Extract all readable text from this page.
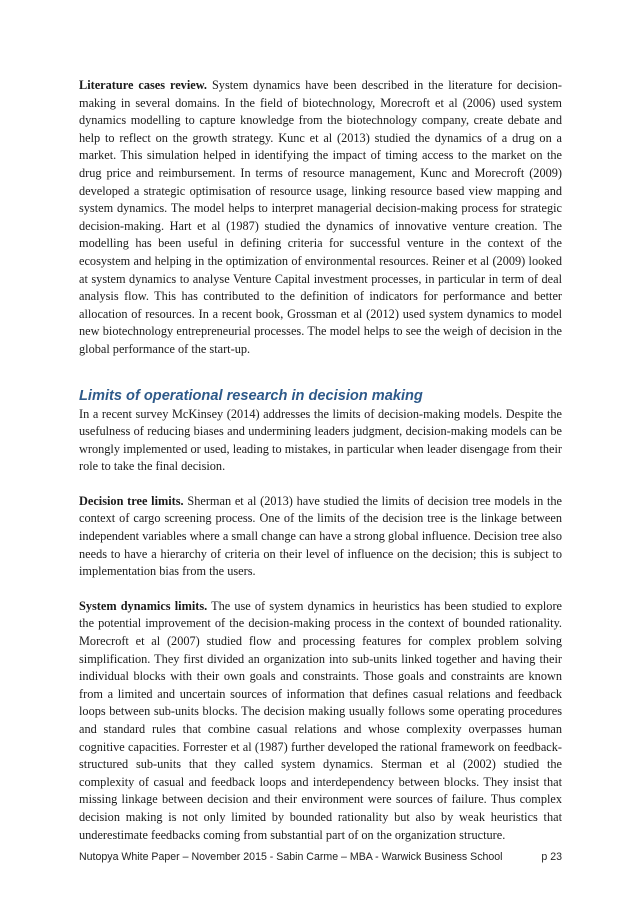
Literature cases review. System dynamics have been described in the literature for decision-making in several domains. In the field of biotechnology, Morecroft et al (2006) used system dynamics modelling to capture knowledge from the biotechnology company, create debate and help to reflect on the growth strategy. Kunc et al (2013) studied the dynamics of a drug on a market. This simulation helped in identifying the impact of timing access to the market on the drug price and reimbursement. In terms of resource management, Kunc and Morecroft (2009) developed a strategic optimisation of resource usage, linking resource based view mapping and system dynamics. The model helps to interpret managerial decision-making process for strategic decision-making. Hart et al (1987) studied the dynamics of innovative venture creation. The modelling has been useful in defining criteria for successful venture in the context of the ecosystem and helping in the optimization of environmental resources. Reiner et al (2009) looked at system dynamics to analyse Venture Capital investment processes, in particular in term of deal analysis flow. This has contributed to the definition of indicators for performance and better allocation of resources. In a recent book, Grossman et al (2012) used system dynamics to model new biotechnology entrepreneurial processes. The model helps to see the weigh of decision in the global performance of the start-up.

Limits of operational research in decision making

In a recent survey McKinsey (2014) addresses the limits of decision-making models. Despite the usefulness of reducing biases and undermining leaders judgment, decision-making models can be wrongly implemented or used, leading to mistakes, in particular when leader disengage from their role to take the final decision.

Decision tree limits. Sherman et al (2013) have studied the limits of decision tree models in the context of cargo screening process. One of the limits of the decision tree is the linkage between independent variables where a small change can have a strong global influence. Decision tree also needs to have a hierarchy of criteria on their level of influence on the decision; this is subject to implementation bias from the users.

System dynamics limits. The use of system dynamics in heuristics has been studied to explore the potential improvement of the decision-making process in the context of bounded rationality. Morecroft et al (2007) studied flow and processing features for complex problem solving simplification. They first divided an organization into sub-units linked together and having their individual blocks with their own goals and constraints. Those goals and constraints are known from a limited and uncertain sources of information that defines casual relations and feedback loops between sub-units blocks. The decision making usually follows some operating procedures and standard rules that combine casual relations and whose complexity overpasses human cognitive capacities. Forrester et al (1987) further developed the rational framework on feedback-structured sub-units that they called system dynamics. Sterman et al (2002) studied the complexity of casual and feedback loops and interdependency between blocks. They insist that missing linkage between decision and their environment were sources of failure. Thus complex decision making is not only limited by bounded rationality but also by weak heuristics that underestimate feedbacks coming from substantial part of on the organization structure.

Nutopya White Paper – November 2015 - Sabin Carme – MBA - Warwick Business School	p 23
